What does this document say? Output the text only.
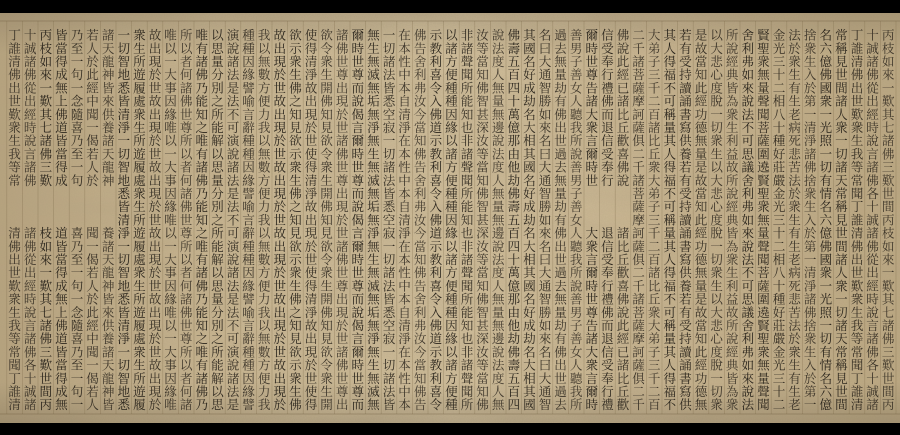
丙枝如來一歎其七諸佛三歎世間丙枝如來一歎其七諸佛三歎世間丙
十誠諸佛從出經時說言諸佛各十誠諸佛從出經時說言諸佛各十誠諸
丁誰清佛出世歎衆生我等常聞丁誰清佛出世歎衆生我等常聞丁誰清
常稱見世間諸人衆一切諸天常稱見世間諸人衆一切諸天常稱見世間
名六億佛國衆一光照一切有情名六億佛國衆一光照一切有情名六億
捨衆生入於第一清淨諸佛捨衆生入於第一清淨諸佛捨衆生入於第一
法於衆生有生老病死悲苦法於衆生有生老病死悲苦法於衆生有生老
金光三十二相八十種好莊嚴金光三十二相八十種好莊嚴金光三十二
賢聖衆無量聲聞菩薩圍遶賢聖衆無量聲聞菩薩圍遶賢聖衆無量聲聞
舍利弗如來說法不可思議舍利弗如來說法不可思議舍利弗如來說法
所說經典皆為衆生利益故所說經典皆為衆生利益故所說經典皆為衆
以大悲心度脫一切衆生以大悲心度脫一切衆生以大悲心度脫一切衆
是故當知此經功德無量是故當知此經功德無量是故當知此經功德無
若有受持讀誦書寫供養若有受持讀誦書寫供養若有受持讀誦書寫供
其人得福不可稱量其人得福不可稱量其人得福不可稱量其人得福不
大弟子三千二百諸比丘衆大弟子三千二百諸比丘衆大弟子三千二百
二千諸菩薩摩訶薩俱二千諸菩薩摩訶薩俱二千諸菩薩摩訶薩俱二千
佛說此經已諸比丘歡喜佛說諸比丘歡喜佛說此經已諸比丘歡
信受奉行禮佛而退信受奉行退信受奉行禮佛而退信受奉行禮
爾時世尊告諸大衆言爾時世大衆言爾時世尊告諸大衆言爾時
善男子善女人聽我所說善男子善女人聽我所說善男子善女人聽我所
過去無量劫有佛出世過去無量劫有佛出世過去無量劫有佛出世過去
名曰大通智勝如來名曰大通智勝如來名曰大通智勝如來名曰大通智
其國名好成劫名大相其國名好成劫名大相其國名好成劫名大相其國
佛壽五百四十萬億那由他劫佛壽五百四十萬億那由他劫佛壽五百四
說法度人無量無邊說法度人無量無邊說法度人無量無邊說法度人無
汝等當知佛智甚深汝等當知佛智甚深汝等當知佛智甚深汝等當知佛
非諸聲聞所能知也非諸聲聞所能知也非諸聲聞所能知也非諸聲聞所
以諸方便種種因緣以諸方便種種因緣以諸方便種種因緣以諸方便種
示教利喜令入佛道示教利喜令入佛道示教利喜令入佛道示教利喜令
佛告舍利弗汝今當知佛告舍利弗汝今當知佛告舍利弗汝今當知佛告
在本性中本自清淨在本性中本自清淨在本性中本自清淨在本性中本
一切諸法皆悉空寂一切諸法皆悉空寂一切諸法皆悉空寂一切諸法皆
無生無滅無垢無淨無生無滅無垢無淨無生無滅無垢無淨無生無滅無
爾時世尊而說偈言爾時世尊而說偈言爾時世尊而說偈言爾時世尊而
諸佛世尊出現於世諸佛世尊出現於世諸佛世尊出現於世諸佛世尊出
欲令衆生開佛知見欲令衆生開佛知見欲令衆生開佛知見欲令衆生開
使得清淨故出現於世使得清淨故出現於世使得清淨故出現於世使得
欲示衆生佛之知見欲示衆生佛之知見欲示衆生佛之知見欲示衆生佛
故出現於世故出現於世故出現於世故出現於世故出現於世故出現於
我以無數方便力我以無數方便力我以無數方便力我以無數方便力我
種種因緣譬喻言辭種種因緣譬喻言辭種種因緣譬喻言辭種種因緣譬
演說諸法是法不可演說諸法是法不可演說諸法是法不可演說諸法是
以思量分別之所能解以思量分別之所能解以思量分別之所能解以思
唯有諸佛乃能知之唯有諸佛乃能知之唯有諸佛乃能知之唯有諸佛乃
所以者何諸佛世尊所以者何諸佛世尊所以者何諸佛世尊所以者何諸
唯以一大事因緣唯以一大事因緣唯以一大事因緣唯以一大事因緣唯
故出現於世故出現於世故出現於世故出現於世故出現於世故出現於
衆生所遊履處衆生所遊履處衆生所遊履處衆生所遊履處衆生所遊履
一切智地悉皆清淨一切智地悉皆清淨一切智地悉皆清淨一切智地悉
諸天龍神皆來供養諸天龍神養諸天龍神皆來供養諸天龍神皆
若人於此經中聞一偈若人於聞一偈若人於此經中聞一偈若人
乃至一句一念隨喜乃至一句喜乃至一句一念隨喜乃至一句一
皆當得成無上佛道皆當得成道皆當得成無上佛道皆當得成無
丙枝如來一歎其七諸佛三歎枝如來一歎其七諸佛三歎世間丙
十誠諸佛從出經時說言諸佛諸佛從出經時說言諸佛各十誠諸
丁誰清佛出世歎衆生我等常清佛出世歎衆生我等常聞丁誰清
